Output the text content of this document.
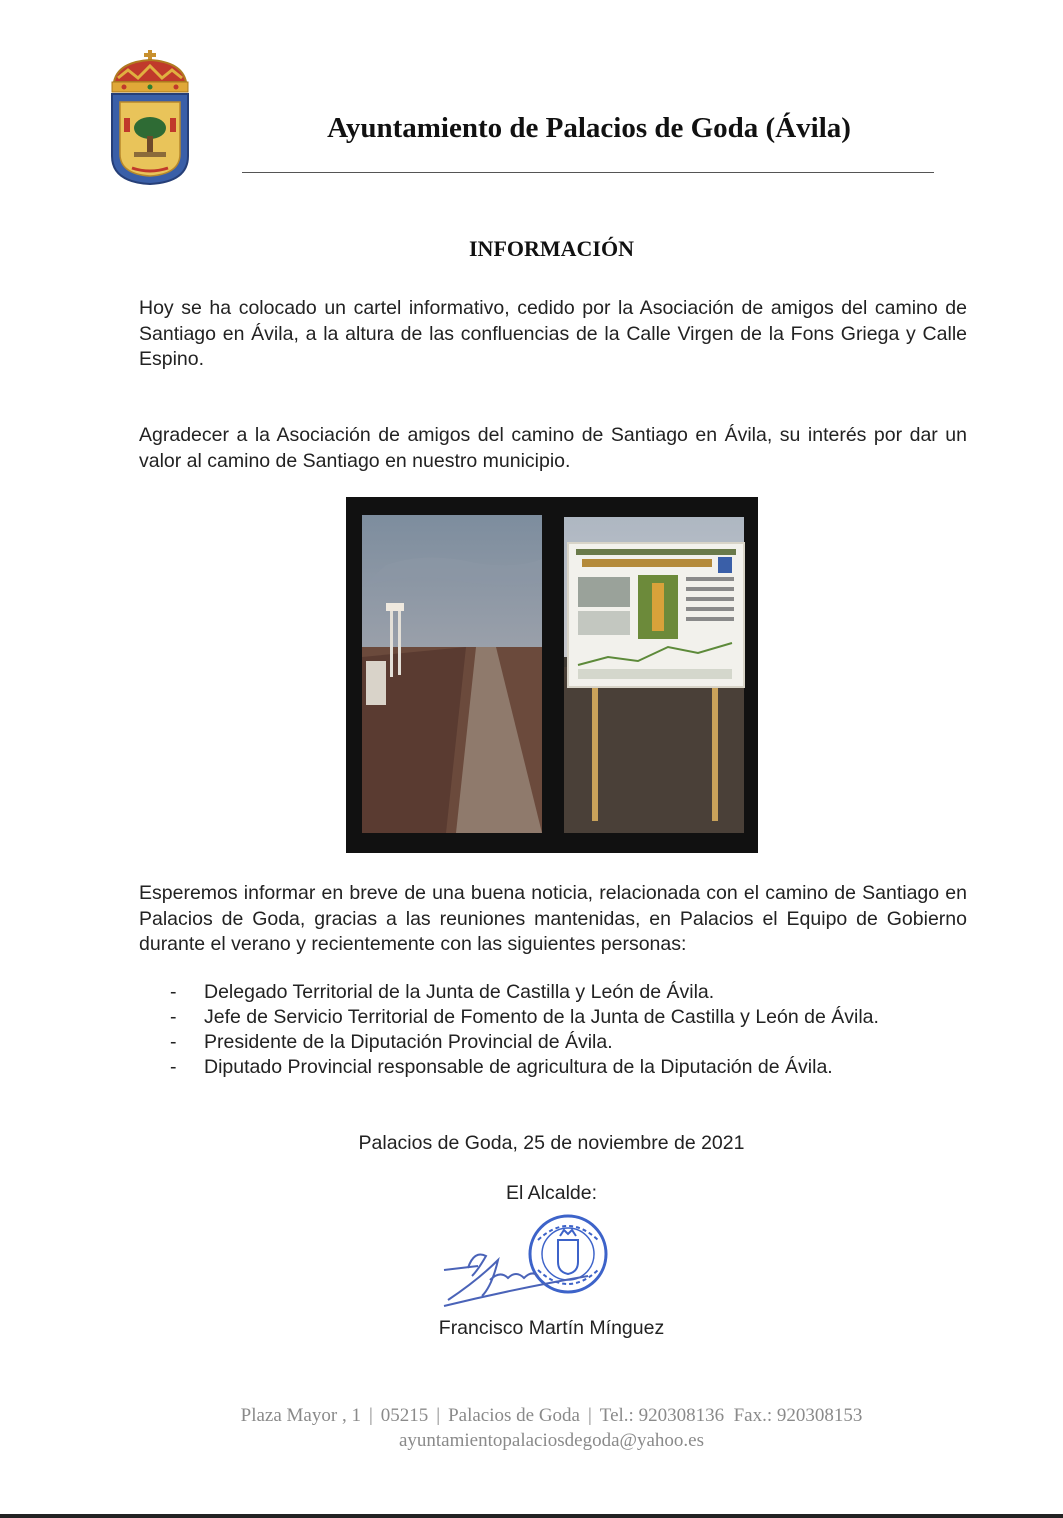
Ayuntamiento de Palacios de Goda (Ávila)
INFORMACIÓN
Hoy se ha colocado un cartel informativo, cedido por la Asociación de amigos del camino de Santiago en Ávila, a la altura de las confluencias de la Calle Virgen de la Fons Griega y Calle Espino.
Agradecer a la Asociación de amigos del camino de Santiago en Ávila, su interés por dar un valor al camino de Santiago en nuestro municipio.
Esperemos informar en breve de una buena noticia, relacionada con el camino de Santiago en Palacios de Goda, gracias a las reuniones mantenidas, en Palacios el Equipo de Gobierno durante el verano y recientemente con las siguientes personas:
- Delegado Territorial de la Junta de Castilla y León de Ávila.
- Jefe de Servicio Territorial de Fomento de la Junta de Castilla y León de Ávila.
- Presidente de la Diputación Provincial de Ávila.
- Diputado Provincial responsable de agricultura de la Diputación de Ávila.
Palacios de Goda, 25 de noviembre de 2021
El Alcalde:
Francisco Martín Mínguez
Plaza Mayor , 1 | 05215 | Palacios de Goda | Tel.: 920308136 Fax.: 920308153
ayuntamientopalaciosdegoda@yahoo.es
